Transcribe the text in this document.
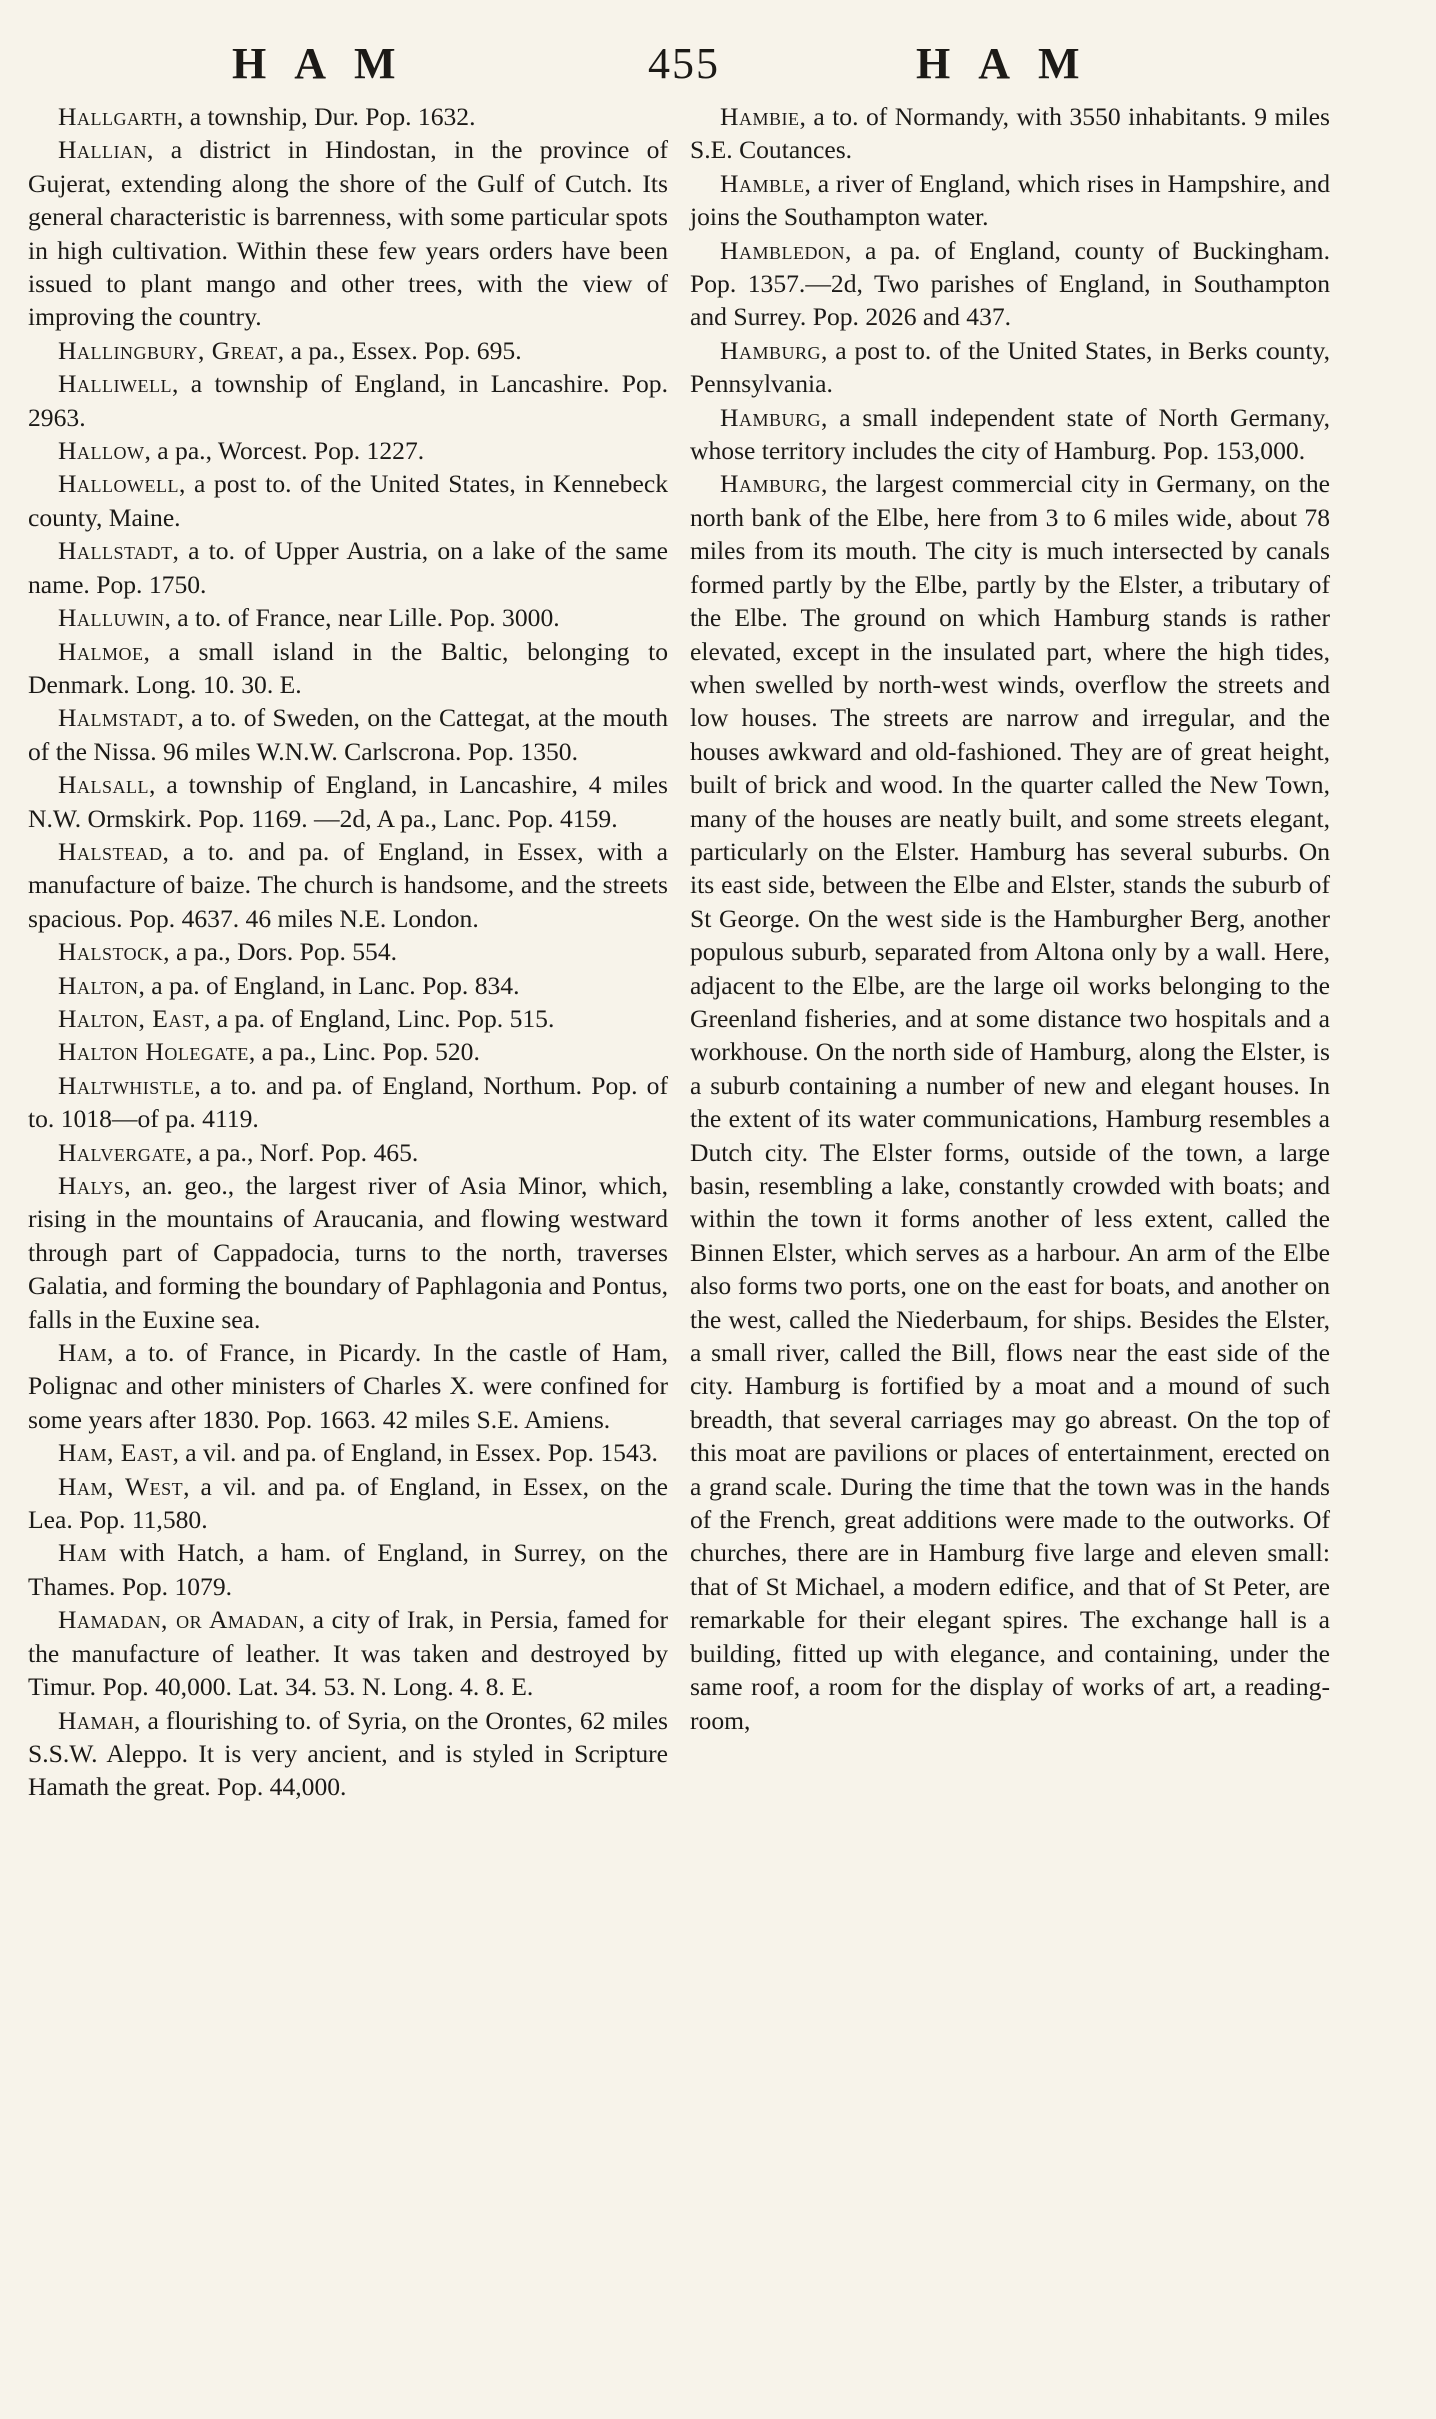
HAM	455	HAM

Hallgarth, a township, Dur. Pop. 1632.

Hallian, a district in Hindostan, in the province of Gujerat, extending along the shore of the Gulf of Cutch. Its general characteristic is barrenness, with some particular spots in high cultivation. Within these few years orders have been issued to plant mango and other trees, with the view of improving the country.

Hallingbury, Great, a pa., Essex. Pop. 695.

Halliwell, a township of England, in Lancashire. Pop. 2963.

Hallow, a pa., Worcest. Pop. 1227.

Hallowell, a post to. of the United States, in Kennebeck county, Maine.

Hallstadt, a to. of Upper Austria, on a lake of the same name. Pop. 1750.

Halluwin, a to. of France, near Lille. Pop. 3000.

Halmoe, a small island in the Baltic, belonging to Denmark. Long. 10. 30. E.

Halmstadt, a to. of Sweden, on the Cattegat, at the mouth of the Nissa. 96 miles W.N.W. Carlscrona. Pop. 1350.

Halsall, a township of England, in Lancashire, 4 miles N.W. Ormskirk. Pop. 1169. —2d, A pa., Lanc. Pop. 4159.

Halstead, a to. and pa. of England, in Essex, with a manufacture of baize. The church is handsome, and the streets spacious. Pop. 4637. 46 miles N.E. London.

Halstock, a pa., Dors. Pop. 554.

Halton, a pa. of England, in Lanc. Pop. 834.

Halton, East, a pa. of England, Linc. Pop. 515.

Halton Holegate, a pa., Linc. Pop. 520.

Haltwhistle, a to. and pa. of England, Northum. Pop. of to. 1018—of pa. 4119.

Halvergate, a pa., Norf. Pop. 465.

Halys, an. geo., the largest river of Asia Minor, which, rising in the mountains of Araucania, and flowing westward through part of Cappadocia, turns to the north, traverses Galatia, and forming the boundary of Paphlagonia and Pontus, falls in the Euxine sea.

Ham, a to. of France, in Picardy. In the castle of Ham, Polignac and other ministers of Charles X. were confined for some years after 1830. Pop. 1663. 42 miles S.E. Amiens.

Ham, East, a vil. and pa. of England, in Essex. Pop. 1543.

Ham, West, a vil. and pa. of England, in Essex, on the Lea. Pop. 11,580.

Ham with Hatch, a ham. of England, in Surrey, on the Thames. Pop. 1079.

Hamadan, or Amadan, a city of Irak, in Persia, famed for the manufacture of leather. It was taken and destroyed by Timur. Pop. 40,000. Lat. 34. 53. N. Long. 4. 8. E.

Hamah, a flourishing to. of Syria, on the Orontes, 62 miles S.S.W. Aleppo. It is very ancient, and is styled in Scripture Hamath the great. Pop. 44,000.

Hambie, a to. of Normandy, with 3550 inhabitants. 9 miles S.E. Coutances.

Hamble, a river of England, which rises in Hampshire, and joins the Southampton water.

Hambledon, a pa. of England, county of Buckingham. Pop. 1357.—2d, Two parishes of England, in Southampton and Surrey. Pop. 2026 and 437.

Hamburg, a post to. of the United States, in Berks county, Pennsylvania.

Hamburg, a small independent state of North Germany, whose territory includes the city of Hamburg. Pop. 153,000.

Hamburg, the largest commercial city in Germany, on the north bank of the Elbe, here from 3 to 6 miles wide, about 78 miles from its mouth. The city is much intersected by canals formed partly by the Elbe, partly by the Elster, a tributary of the Elbe. The ground on which Hamburg stands is rather elevated, except in the insulated part, where the high tides, when swelled by north-west winds, overflow the streets and low houses. The streets are narrow and irregular, and the houses awkward and old-fashioned. They are of great height, built of brick and wood. In the quarter called the New Town, many of the houses are neatly built, and some streets elegant, particularly on the Elster. Hamburg has several suburbs. On its east side, between the Elbe and Elster, stands the suburb of St George. On the west side is the Hamburgher Berg, another populous suburb, separated from Altona only by a wall. Here, adjacent to the Elbe, are the large oil works belonging to the Greenland fisheries, and at some distance two hospitals and a workhouse. On the north side of Hamburg, along the Elster, is a suburb containing a number of new and elegant houses. In the extent of its water communications, Hamburg resembles a Dutch city. The Elster forms, outside of the town, a large basin, resembling a lake, constantly crowded with boats; and within the town it forms another of less extent, called the Binnen Elster, which serves as a harbour. An arm of the Elbe also forms two ports, one on the east for boats, and another on the west, called the Niederbaum, for ships. Besides the Elster, a small river, called the Bill, flows near the east side of the city. Hamburg is fortified by a moat and a mound of such breadth, that several carriages may go abreast. On the top of this moat are pavilions or places of entertainment, erected on a grand scale. During the time that the town was in the hands of the French, great additions were made to the outworks. Of churches, there are in Hamburg five large and eleven small: that of St Michael, a modern edifice, and that of St Peter, are remarkable for their elegant spires. The exchange hall is a building, fitted up with elegance, and containing, under the same roof, a room for the display of works of art, a reading-room,
